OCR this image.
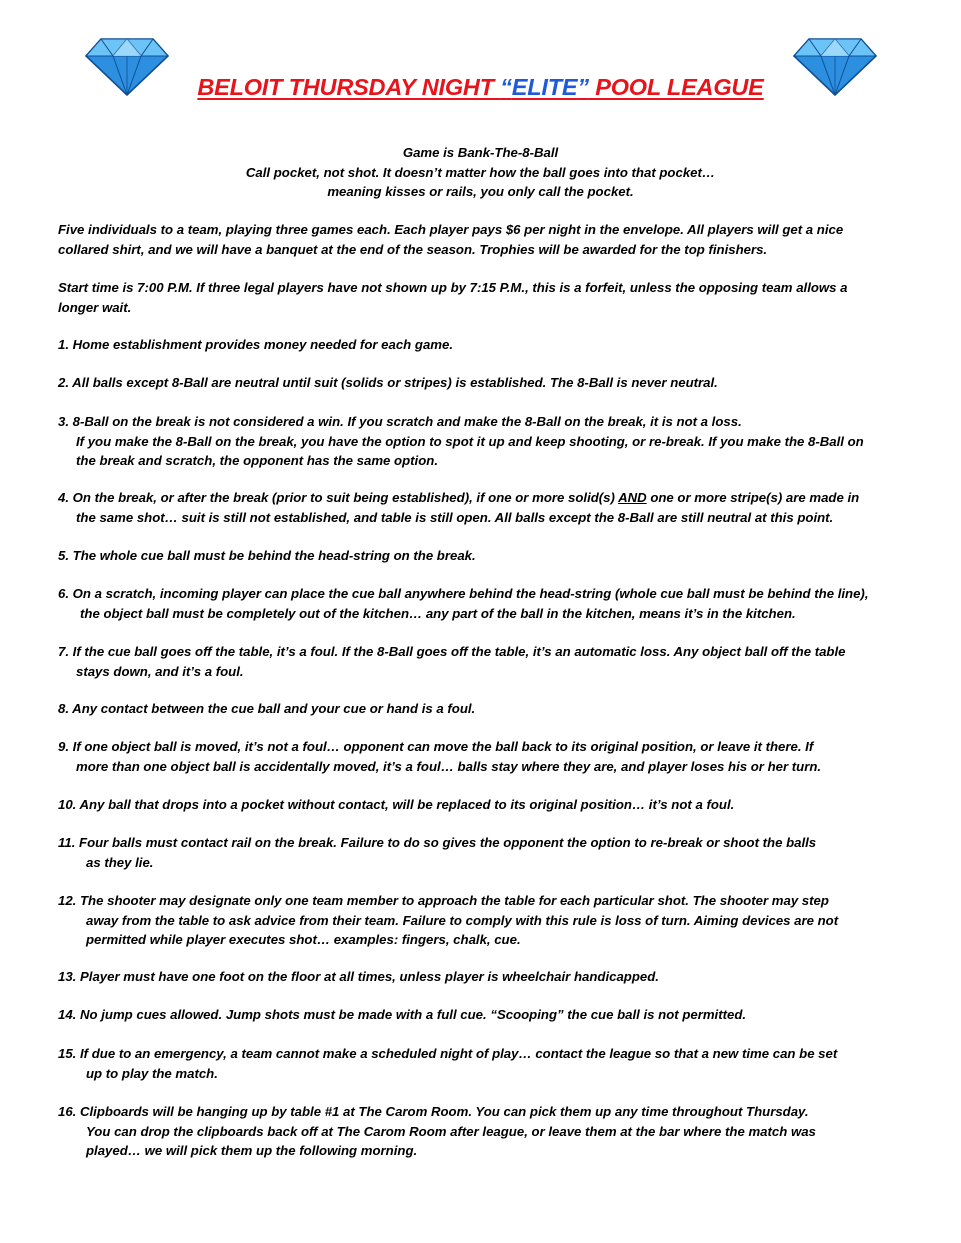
BELOIT THURSDAY NIGHT “ELITE” POOL LEAGUE
Game is Bank-The-8-Ball
Call pocket, not shot. It doesn’t matter how the ball goes into that pocket…
meaning kisses or rails, you only call the pocket.
Five individuals to a team, playing three games each. Each player pays $6 per night in the envelope. All players will get a nice
collared shirt, and we will have a banquet at the end of the season. Trophies will be awarded for the top finishers.
Start time is 7:00 P.M. If three legal players have not shown up by 7:15 P.M., this is a forfeit, unless the opposing team allows a
longer wait.
1. Home establishment provides money needed for each game.
2. All balls except 8-Ball are neutral until suit (solids or stripes) is established. The 8-Ball is never neutral.
3. 8-Ball on the break is not considered a win. If you scratch and make the 8-Ball on the break, it is not a loss.
If you make the 8-Ball on the break, you have the option to spot it up and keep shooting, or re-break. If you make the 8-Ball on
the break and scratch, the opponent has the same option.
4. On the break, or after the break (prior to suit being established), if one or more solid(s) AND one or more stripe(s) are made in
the same shot… suit is still not established, and table is still open. All balls except the 8-Ball are still neutral at this point.
5. The whole cue ball must be behind the head-string on the break.
6. On a scratch, incoming player can place the cue ball anywhere behind the head-string (whole cue ball must be behind the line),
the object ball must be completely out of the kitchen… any part of the ball in the kitchen, means it’s in the kitchen.
7. If the cue ball goes off the table, it’s a foul. If the 8-Ball goes off the table, it’s an automatic loss. Any object ball off the table
stays down, and it’s a foul.
8. Any contact between the cue ball and your cue or hand is a foul.
9. If one object ball is moved, it’s not a foul… opponent can move the ball back to its original position, or leave it there. If
more than one object ball is accidentally moved, it’s a foul… balls stay where they are, and player loses his or her turn.
10. Any ball that drops into a pocket without contact, will be replaced to its original position… it’s not a foul.
11. Four balls must contact rail on the break. Failure to do so gives the opponent the option to re-break or shoot the balls
as they lie.
12. The shooter may designate only one team member to approach the table for each particular shot. The shooter may step
away from the table to ask advice from their team. Failure to comply with this rule is loss of turn. Aiming devices are not
permitted while player executes shot… examples: fingers, chalk, cue.
13. Player must have one foot on the floor at all times, unless player is wheelchair handicapped.
14. No jump cues allowed. Jump shots must be made with a full cue. “Scooping” the cue ball is not permitted.
15. If due to an emergency, a team cannot make a scheduled night of play… contact the league so that a new time can be set
up to play the match.
16. Clipboards will be hanging up by table #1 at The Carom Room. You can pick them up any time throughout Thursday.
You can drop the clipboards back off at The Carom Room after league, or leave them at the bar where the match was
played… we will pick them up the following morning.
